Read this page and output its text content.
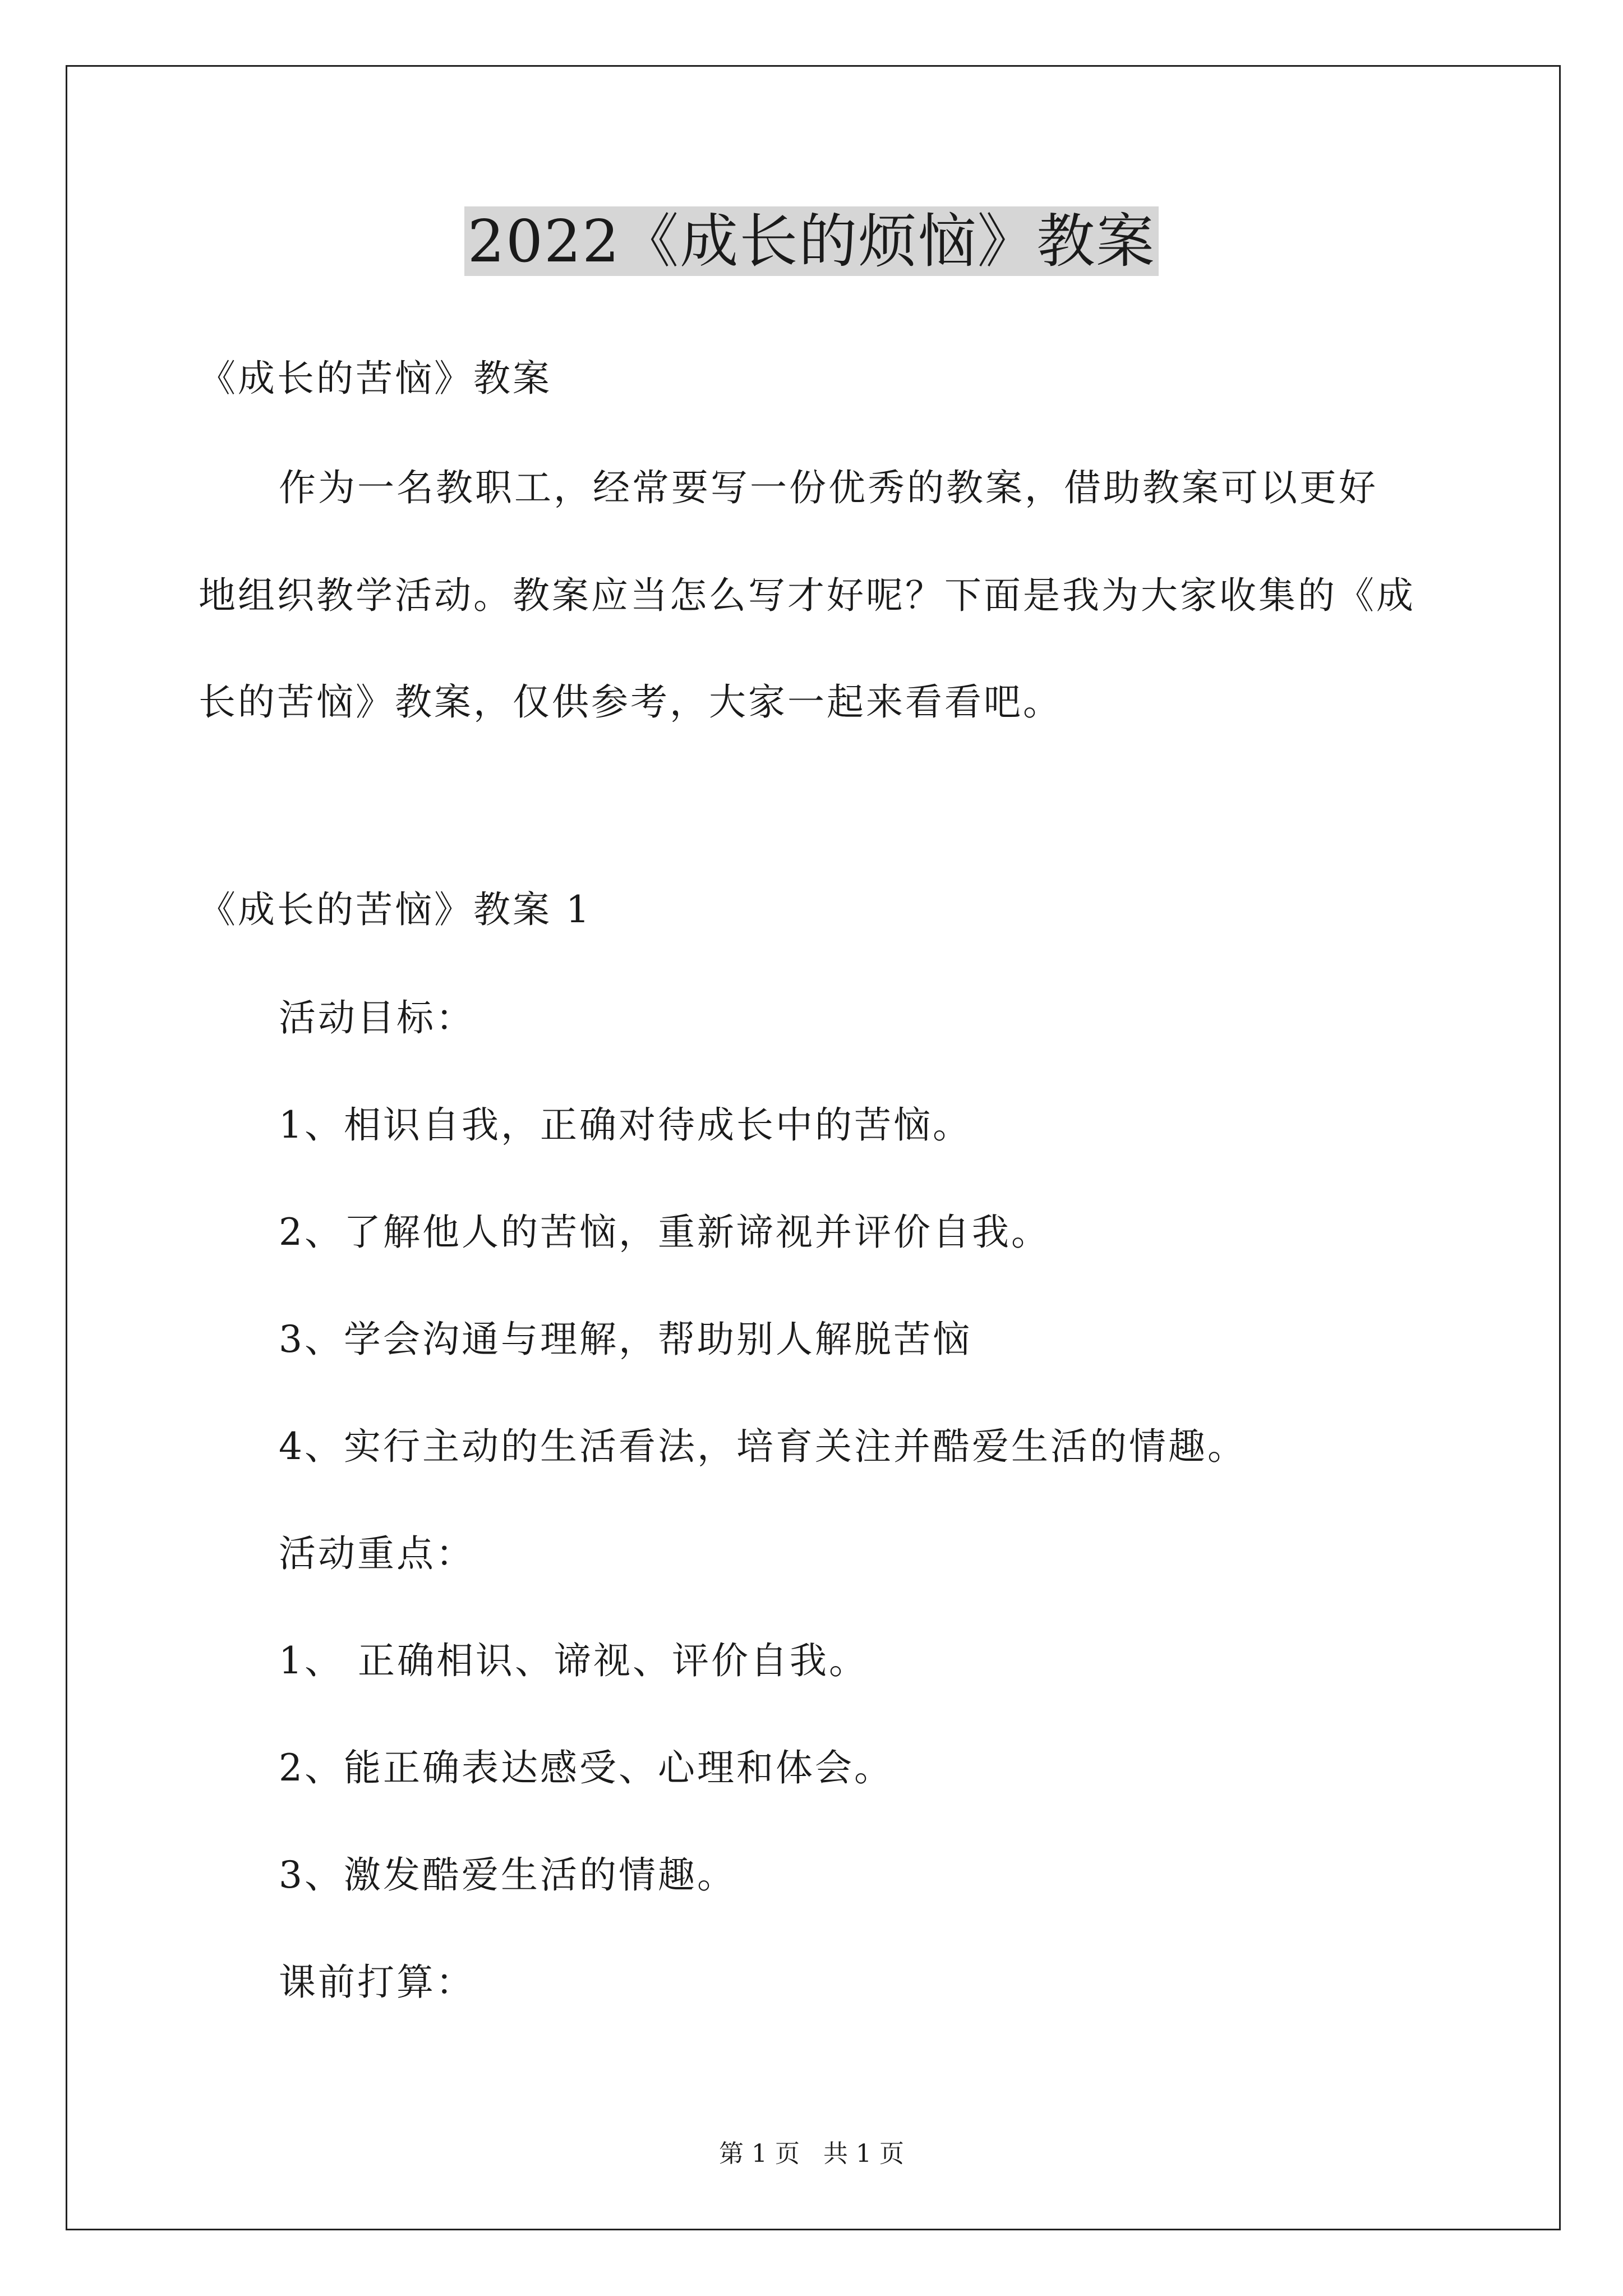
2022《成长的烦恼》教案
《成长的苦恼》教案
作为一名教职工，经常要写一份优秀的教案，借助教案可以更好
地组织教学活动。教案应当怎么写才好呢？下面是我为大家收集的《成
长的苦恼》教案，仅供参考，大家一起来看看吧。
《成长的苦恼》教案 1
活动目标：
1、相识自我，正确对待成长中的苦恼。
2、了解他人的苦恼，重新谛视并评价自我。
3、学会沟通与理解，帮助别人解脱苦恼
4、实行主动的生活看法，培育关注并酷爱生活的情趣。
活动重点：
1、 正确相识、谛视、评价自我。
2、能正确表达感受、心理和体会。
3、激发酷爱生活的情趣。
课前打算：
第 1 页   共 1 页
